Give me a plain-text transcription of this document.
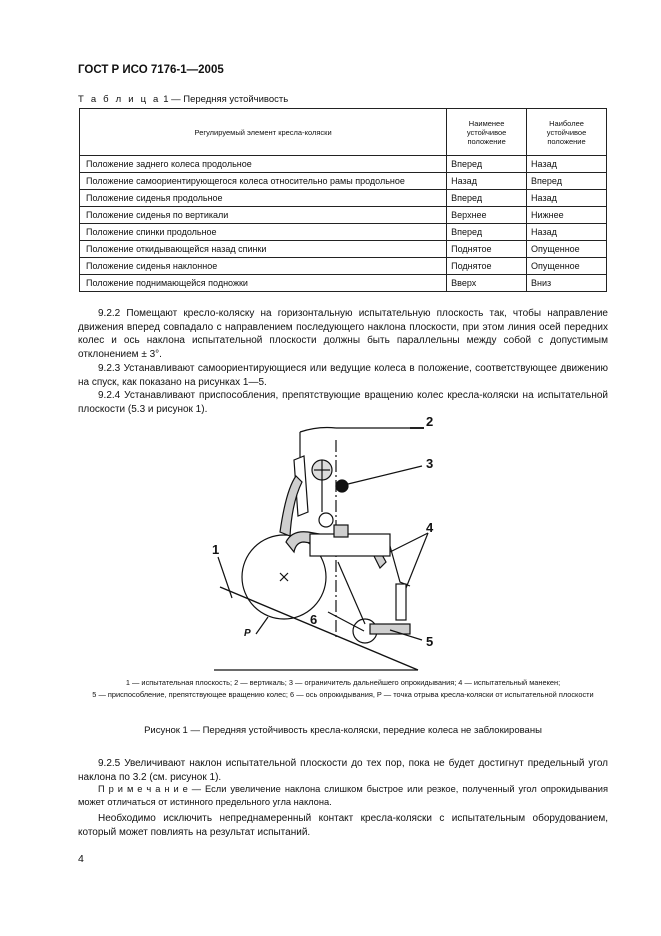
ГОСТ Р ИСО 7176-1—2005
Т а б л и ц а 1 — Передняя устойчивость
Регулируемый элемент кресла-коляски	Наименее устойчивое положение	Наиболее устойчивое положение
Положение заднего колеса продольное	Вперед	Назад
Положение самоориентирующегося колеса относительно рамы продольное	Назад	Вперед
Положение сиденья продольное	Вперед	Назад
Положение сиденья по вертикали	Верхнее	Нижнее
Положение спинки продольное	Вперед	Назад
Положение откидывающейся назад спинки	Поднятое	Опущенное
Положение сиденья наклонное	Поднятое	Опущенное
Положение поднимающейся подножки	Вверх	Вниз
9.2.2 Помещают кресло-коляску на горизонтальную испытательную плоскость так, чтобы направление движения вперед совпадало с направлением последующего наклона плоскости, при этом линия осей передних колес и ось наклона испытательной плоскости должны быть параллельны между собой с допустимым отклонением ± 3°.
9.2.3 Устанавливают самоориентирующиеся или ведущие колеса в положение, соответствующее движению на спуск, как показано на рисунках 1—5.
9.2.4 Устанавливают приспособления, препятствующие вращению колес кресла-коляски на испытательной плоскости (5.3 и рисунок 1).
2
3
4
1
5
6
P
1 — испытательная плоскость; 2 — вертикаль; 3 — ограничитель дальнейшего опрокидывания; 4 — испытательный манекен;
5 — приспособление, препятствующее вращению колес; 6 — ось опрокидывания, P — точка отрыва кресла-коляски от испытательной плоскости
Рисунок 1 — Передняя устойчивость кресла-коляски, передние колеса не заблокированы
9.2.5 Увеличивают наклон испытательной плоскости до тех пор, пока не будет достигнут предельный угол наклона по 3.2 (см. рисунок 1).
П р и м е ч а н и е — Если увеличение наклона слишком быстрое или резкое, полученный угол опрокидывания может отличаться от истинного предельного угла наклона.
Необходимо исключить непреднамеренный контакт кресла-коляски с испытательным оборудованием, который может повлиять на результат испытаний.
4
